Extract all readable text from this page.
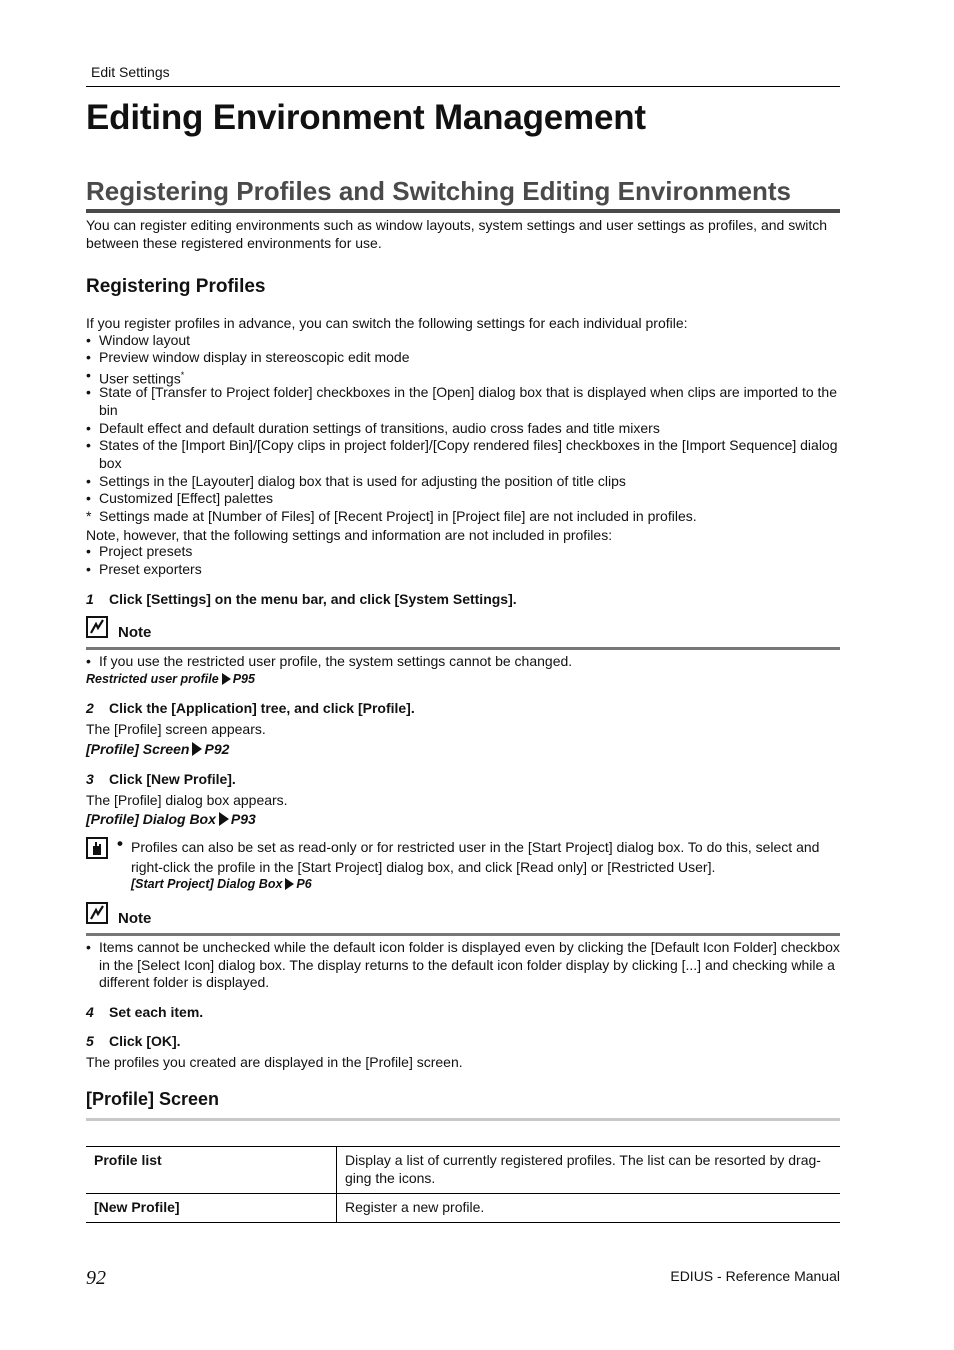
Edit Settings
Editing Environment Management
Registering Profiles and Switching Editing Environments

You can register editing environments such as window layouts, system settings and user settings as profiles, and switch between these registered environments for use.

Registering Profiles

If you register profiles in advance, you can switch the following settings for each individual profile:

• Window layout
• Preview window display in stereoscopic edit mode
• User settings*
• State of [Transfer to Project folder] checkboxes in the [Open] dialog box that is displayed when clips are imported to the bin
• Default effect and default duration settings of transitions, audio cross fades and title mixers
• States of the [Import Bin]/[Copy clips in project folder]/[Copy rendered files] checkboxes in the [Import Sequence] dialog box
• Settings in the [Layouter] dialog box that is used for adjusting the position of title clips
• Customized [Effect] palettes
* Settings made at [Number of Files] of [Recent Project] in [Project file] are not included in profiles.

Note, however, that the following settings and information are not included in profiles:

• Project presets
• Preset exporters
1 Click [Settings] on the menu bar, and click [System Settings].
Note
• If you use the restricted user profile, the system settings cannot be changed.
Restricted user profile P95
2 Click the [Application] tree, and click [Profile].

The [Profile] screen appears.

[Profile] Screen P92
3 Click [New Profile].

The [Profile] dialog box appears.

[Profile] Dialog Box P93
• Profiles can also be set as read-only or for restricted user in the [Start Project] dialog box. To do this, select and right-click the profile in the [Start Project] dialog box, and click [Read only] or [Restricted User].
[Start Project] Dialog Box P6
Note
• Items cannot be unchecked while the default icon folder is displayed even by clicking the [Default Icon Folder] checkbox in the [Select Icon] dialog box. The display returns to the default icon folder display by clicking [...] and checking while a different folder is displayed.
4 Set each item.
5 Click [OK].

The profiles you created are displayed in the [Profile] screen.

[Profile] Screen
Profile list	Display a list of currently registered profiles. The list can be resorted by drag-ging the icons.
[New Profile]	Register a new profile.
92	EDIUS - Reference Manual
